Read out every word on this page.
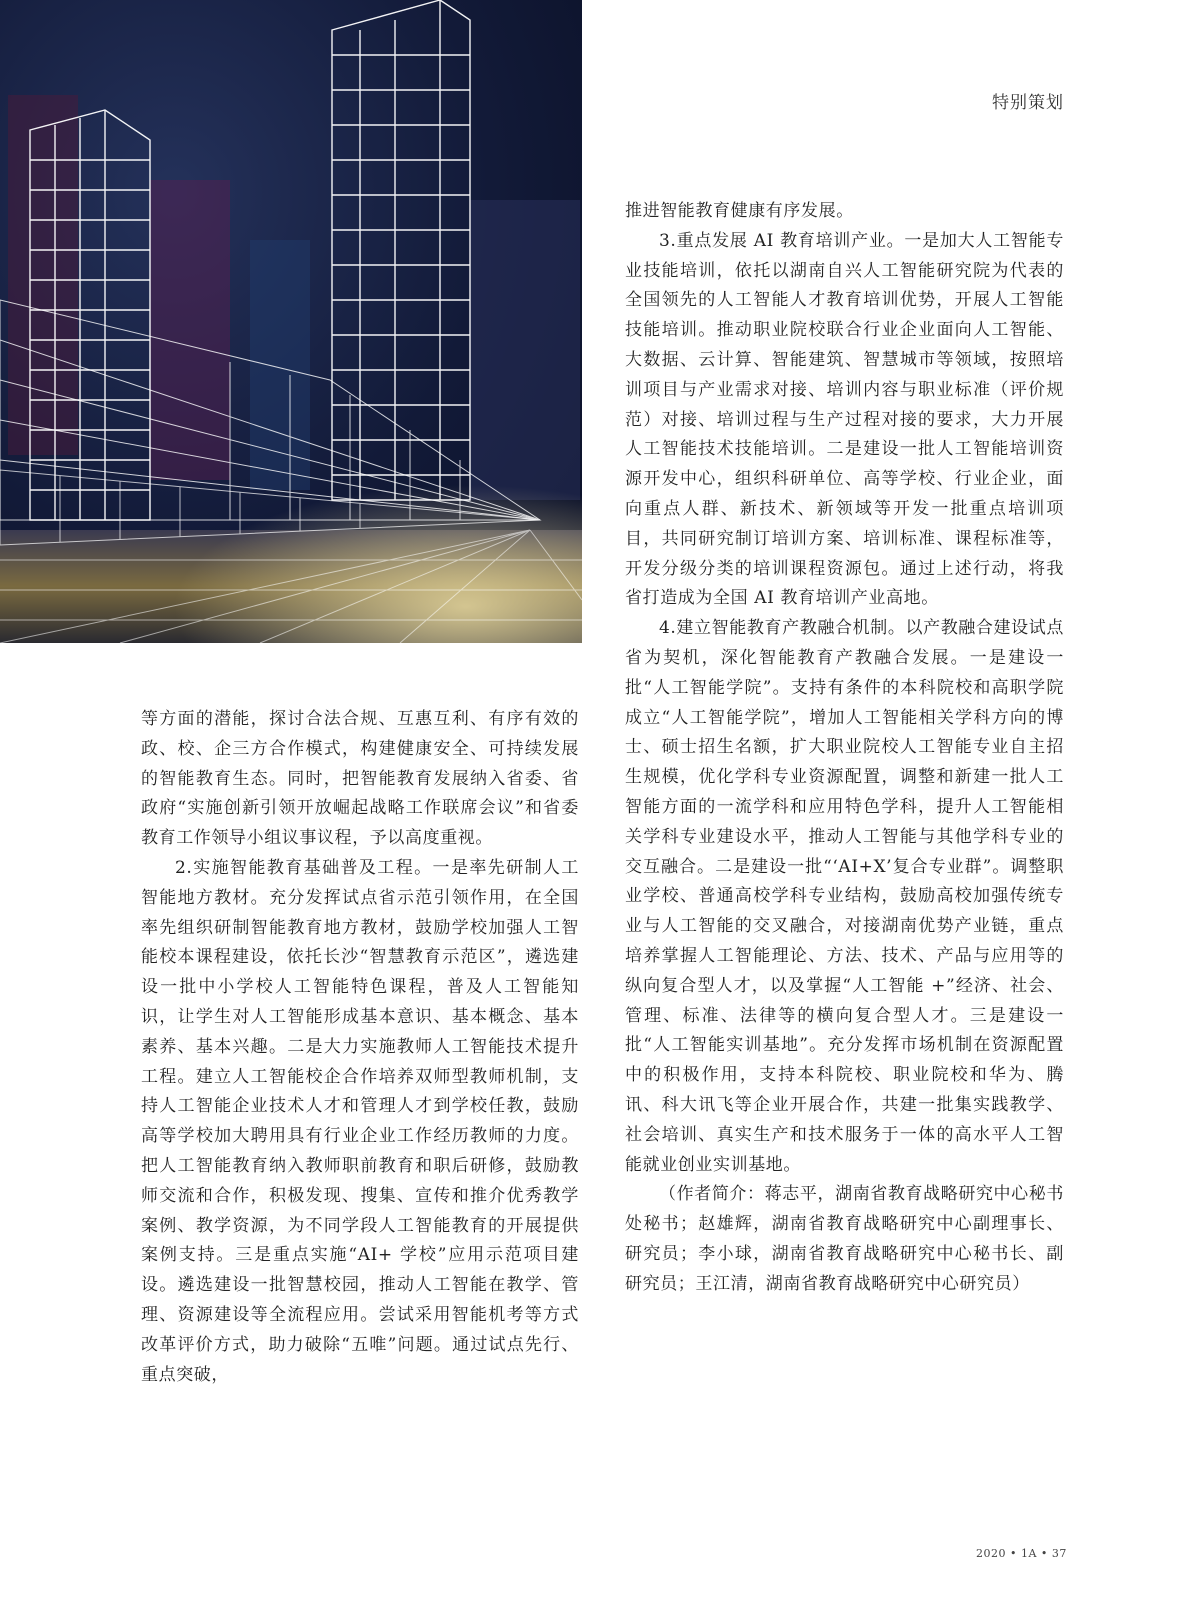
特别策划

等方面的潜能，探讨合法合规、互惠互利、有序有效的政、校、企三方合作模式，构建健康安全、可持续发展的智能教育生态。同时，把智能教育发展纳入省委、省政府“实施创新引领开放崛起战略工作联席会议”和省委教育工作领导小组议事议程，予以高度重视。

2.实施智能教育基础普及工程。一是率先研制人工智能地方教材。充分发挥试点省示范引领作用，在全国率先组织研制智能教育地方教材，鼓励学校加强人工智能校本课程建设，依托长沙“智慧教育示范区”，遴选建设一批中小学校人工智能特色课程，普及人工智能知识，让学生对人工智能形成基本意识、基本概念、基本素养、基本兴趣。二是大力实施教师人工智能技术提升工程。建立人工智能校企合作培养双师型教师机制，支持人工智能企业技术人才和管理人才到学校任教，鼓励高等学校加大聘用具有行业企业工作经历教师的力度。把人工智能教育纳入教师职前教育和职后研修，鼓励教师交流和合作，积极发现、搜集、宣传和推介优秀教学案例、教学资源，为不同学段人工智能教育的开展提供案例支持。三是重点实施“AI+ 学校”应用示范项目建设。遴选建设一批智慧校园，推动人工智能在教学、管理、资源建设等全流程应用。尝试采用智能机考等方式改革评价方式，助力破除“五唯”问题。通过试点先行、重点突破，

推进智能教育健康有序发展。

3.重点发展 AI 教育培训产业。一是加大人工智能专业技能培训，依托以湖南自兴人工智能研究院为代表的全国领先的人工智能人才教育培训优势，开展人工智能技能培训。推动职业院校联合行业企业面向人工智能、大数据、云计算、智能建筑、智慧城市等领域，按照培训项目与产业需求对接、培训内容与职业标准（评价规范）对接、培训过程与生产过程对接的要求，大力开展人工智能技术技能培训。二是建设一批人工智能培训资源开发中心，组织科研单位、高等学校、行业企业，面向重点人群、新技术、新领域等开发一批重点培训项目，共同研究制订培训方案、培训标准、课程标准等，开发分级分类的培训课程资源包。通过上述行动，将我省打造成为全国 AI 教育培训产业高地。

4.建立智能教育产教融合机制。以产教融合建设试点省为契机，深化智能教育产教融合发展。一是建设一批“人工智能学院”。支持有条件的本科院校和高职学院成立“人工智能学院”，增加人工智能相关学科方向的博士、硕士招生名额，扩大职业院校人工智能专业自主招生规模，优化学科专业资源配置，调整和新建一批人工智能方面的一流学科和应用特色学科，提升人工智能相关学科专业建设水平，推动人工智能与其他学科专业的交互融合。二是建设一批“‘AI+X’复合专业群”。调整职业学校、普通高校学科专业结构，鼓励高校加强传统专业与人工智能的交叉融合，对接湖南优势产业链，重点培养掌握人工智能理论、方法、技术、产品与应用等的纵向复合型人才，以及掌握“人工智能 +”经济、社会、管理、标准、法律等的横向复合型人才。三是建设一批“人工智能实训基地”。充分发挥市场机制在资源配置中的积极作用，支持本科院校、职业院校和华为、腾讯、科大讯飞等企业开展合作，共建一批集实践教学、社会培训、真实生产和技术服务于一体的高水平人工智能就业创业实训基地。

（作者简介：蒋志平，湖南省教育战略研究中心秘书处秘书；赵雄辉，湖南省教育战略研究中心副理事长、研究员；李小球，湖南省教育战略研究中心秘书长、副研究员；王江清，湖南省教育战略研究中心研究员）

2020 • 1A • 37
